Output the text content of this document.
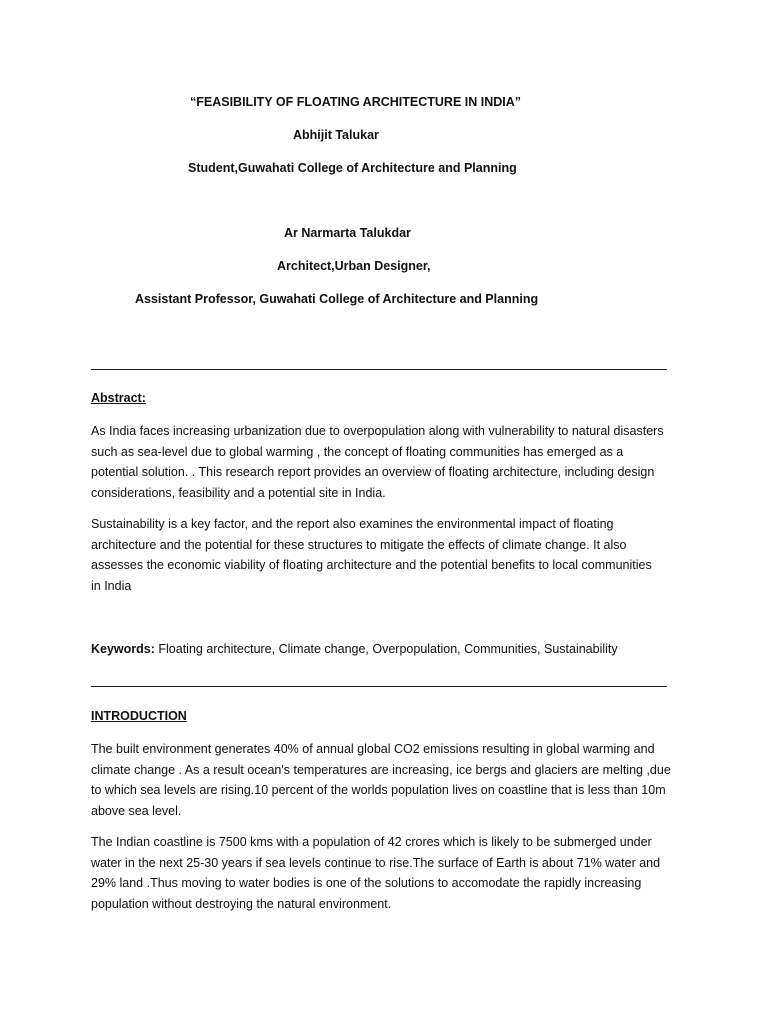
“FEASIBILITY OF FLOATING ARCHITECTURE IN INDIA”
Abhijit Talukar
Student,Guwahati College of Architecture and Planning
Ar Narmarta Talukdar
Architect,Urban Designer,
Assistant Professor, Guwahati College of Architecture and Planning
Abstract:
As India faces increasing urbanization due to overpopulation along with vulnerability to natural disasters
such as sea-level due to global warming , the concept of floating communities has emerged as a
potential solution. . This research report provides an overview of floating architecture, including design
considerations, feasibility and a potential site in India.
Sustainability is a key factor, and the report also examines the environmental impact of floating
architecture and the potential for these structures to mitigate the effects of climate change. It also
assesses the economic viability of floating architecture and the potential benefits to local communities
in India
Keywords: Floating architecture, Climate change, Overpopulation, Communities, Sustainability
INTRODUCTION
The built environment generates 40% of annual global CO2 emissions resulting in global warming and
climate change . As a result ocean's temperatures are increasing, ice bergs and glaciers are melting ,due
to which sea levels are rising.10 percent of the worlds population lives on coastline that is less than 10m
above sea level.
The Indian coastline is 7500 kms with a population of 42 crores which is likely to be submerged under
water in the next 25-30 years if sea levels continue to rise.The surface of Earth is about 71% water and
29% land .Thus moving to water bodies is one of the solutions to accomodate the rapidly increasing
population without destroying the natural environment.
